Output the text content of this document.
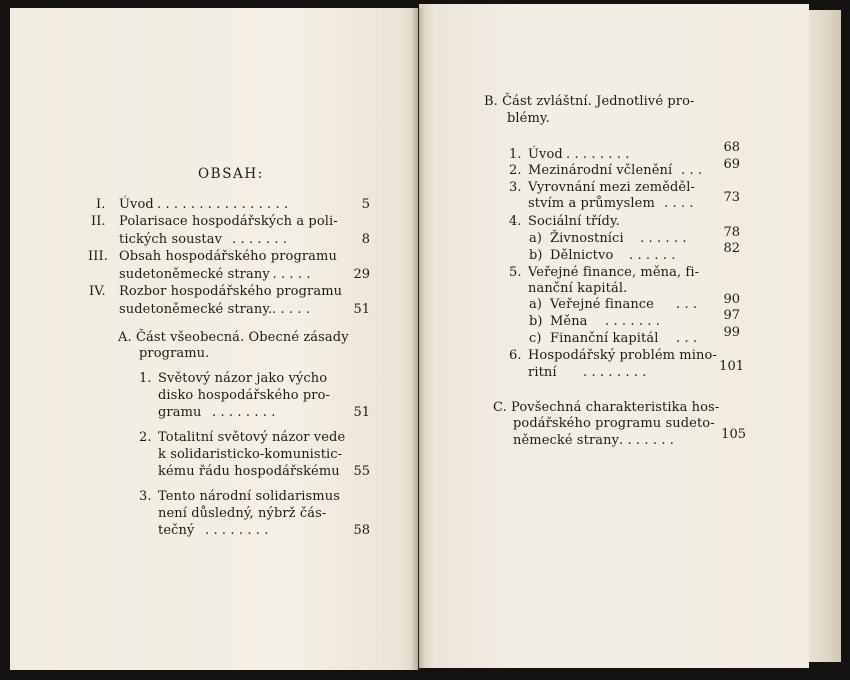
OBSAH:
I. Úvod . . . . . . . . . . . . . . . .	5
II. Polarisace hospodářských a poli-
tických soustav . . . . . . .	8
III. Obsah hospodářského programu
sudetoněmecké strany
. . . . . .	29
IV. Rozbor hospodářského programu
sudetoněmecké strany. . . . . .	51
A. Část všeobecná. Obecné zásady
programu.
1. Světový názor jako výcho
disko hospodářského pro-
gramu . . . . . . . .	51
2. Totalitní světový názor vede
k solidaristicko-komunistic-
kému řádu hospodářskému	55
3. Tento národní solidarismus
není důsledný, nýbrž čás-
tečný . . . . . . . .	58
B. Část zvláštní. Jednotlivé pro-
blémy.
1. Úvod . . . . . . . .	68
2. Mezinárodní včlenění . . .	69
3. Vyrovnání mezi zeměděl-
stvím a průmyslem . . . .	73
4. Sociální třídy.
a) Živnostníci . . . . . .	78
b) Dělnictvo . . . . . .	82
5. Veřejné finance, měna, fi-
nanční kapitál.
a) Veřejné finance . . .	90
b) Měna . . . . . . .	97
c) Finanční kapitál . . .	99
6. Hospodářský problém mino-
ritní . . . . . . . .	101
C. Povšechná charakteristika hos-
podářského programu sudeto-
německé strany . . . . . . .	105
